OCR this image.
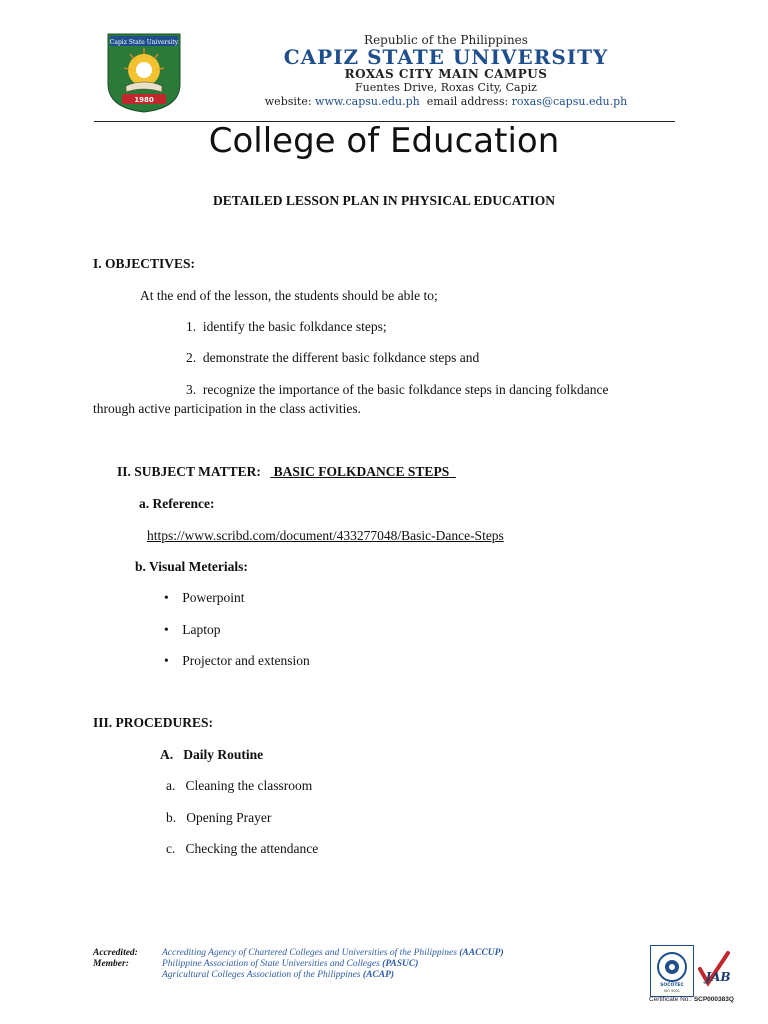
Capiz State University
1980
Republic of the Philippines
CAPIZ STATE UNIVERSITY
ROXAS CITY MAIN CAMPUS
Fuentes Drive, Roxas City, Capiz
website: www.capsu.edu.ph email address: roxas@capsu.edu.ph
College of Education
DETAILED LESSON PLAN IN PHYSICAL EDUCATION
I. OBJECTIVES:
At the end of the lesson, the students should be able to;
1. identify the basic folkdance steps;
2. demonstrate the different basic folkdance steps and
3. recognize the importance of the basic folkdance steps in dancing folkdance
through active participation in the class activities.
II. SUBJECT MATTER: BASIC FOLKDANCE STEPS
a. Reference:
https://www.scribd.com/document/433277048/Basic-Dance-Steps
b. Visual Meterials:
• Powerpoint
• Laptop
• Projector and extension
III. PROCEDURES:
A. Daily Routine
a. Cleaning the classroom
b. Opening Prayer
c. Checking the attendance
Accredited:
Member:
Accrediting Agency of Chartered Colleges and Universities of the Philippines (AACCUP)
Philippine Association of State Universities and Colleges (PASUC)
Agricultural Colleges Association of the Philippines (ACAP)
SOCOTEC
ISO 9001
JAB
Certificate No.: SCP000383Q
